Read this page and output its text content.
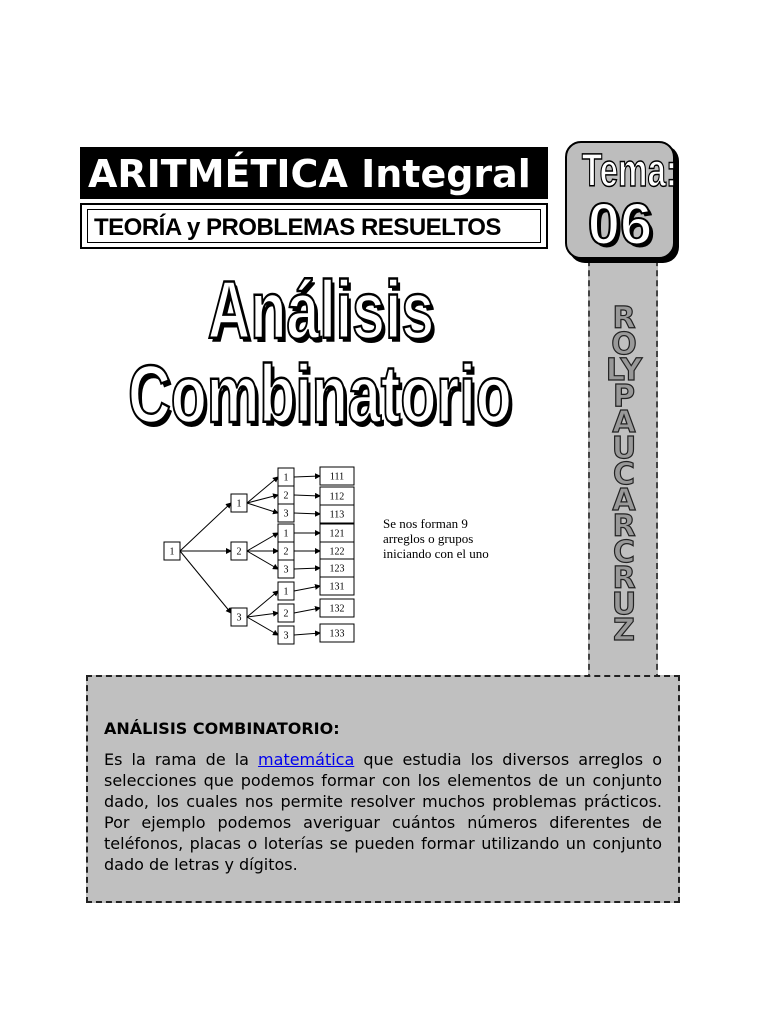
ARITMÉTICA Integral
TEORÍA y PROBLEMAS RESUELTOS
ROLY PAUCAR CRUZ
Tema:
06
Análisis
Combinatorio
1
1
2
3
1
2
3
1
2
3
1
2
3
111
112
113
121
122
123
131
132
133
Se nos forman 9 arreglos o grupos iniciando con el uno
ANÁLISIS COMBINATORIO:
Es la rama de la matemática que estudia los diversos arreglos o selecciones que podemos formar con los elementos de un conjunto dado, los cuales nos permite resolver muchos problemas prácticos. Por ejemplo podemos averiguar cuántos números diferentes de teléfonos, placas o loterías se pueden formar utilizando un conjunto dado de letras y dígitos.
